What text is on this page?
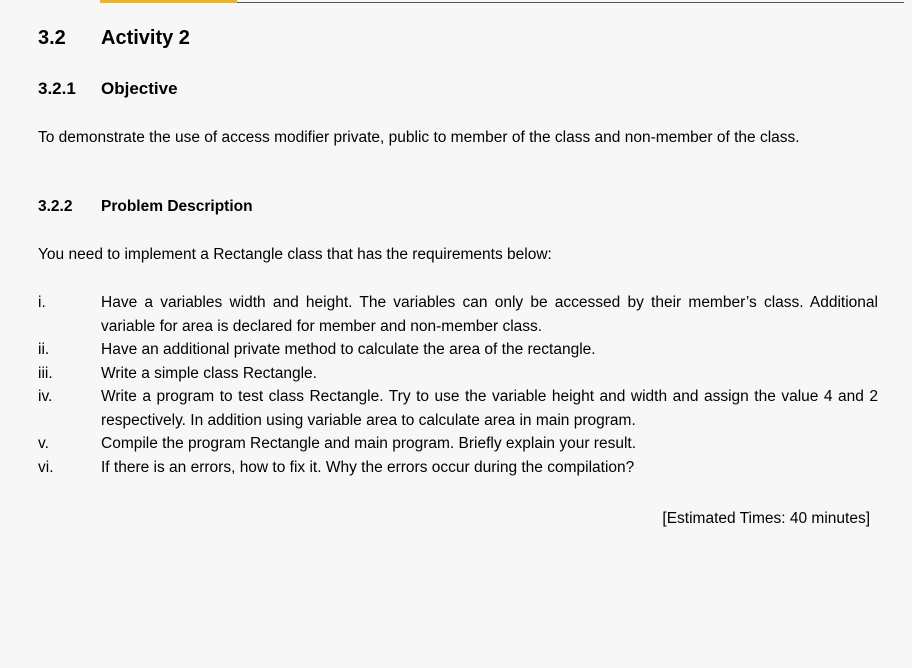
3.2 Activity 2
3.2.1 Objective

To demonstrate the use of access modifier private, public to member of the class and non-member of the class.

3.2.2 Problem Description

You need to implement a Rectangle class that has the requirements below:

i.	Have a variables width and height. The variables can only be accessed by their member’s class. Additional variable for area is declared for member and non-member class.
ii.	Have an additional private method to calculate the area of the rectangle.
iii.	Write a simple class Rectangle.
iv.	Write a program to test class Rectangle. Try to use the variable height and width and assign the value 4 and 2 respectively. In addition using variable area to calculate area in main program.
v.	Compile the program Rectangle and main program. Briefly explain your result.
vi.	If there is an errors, how to fix it. Why the errors occur during the compilation?
[Estimated Times: 40 minutes]
